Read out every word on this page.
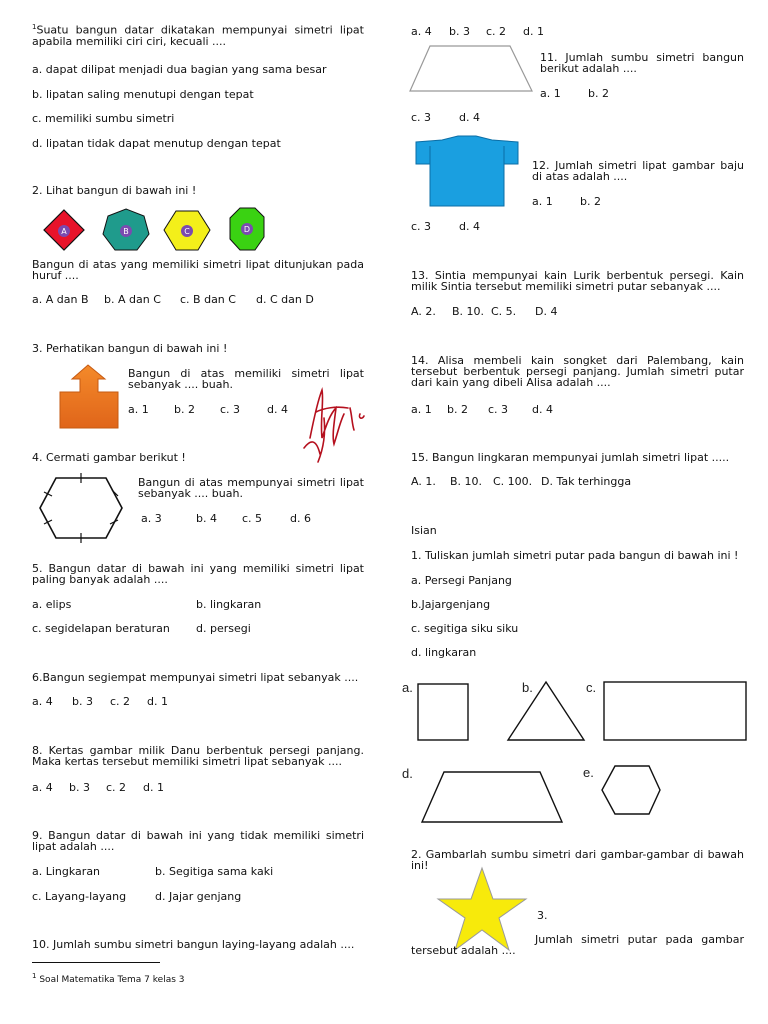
$^1$Suatu bangun datar dikatakan mempunyai simetri lipat apabila memiliki ciri ciri, kecuali ....
a. dapat dilipat menjadi dua bagian yang sama besar
b. lipatan saling menutupi dengan tepat
c. memiliki sumbu simetri
d. lipatan tidak dapat menutup dengan tepat
2. Lihat bangun di bawah ini !
A	B	C	D
Bangun di atas yang memiliki simetri lipat ditunjukan pada huruf ....
a. A dan B b. A dan C c. B dan C d. C dan D
3. Perhatikan bangun di bawah ini !
Bangun di atas memiliki simetri lipat sebanyak .... buah.
a. 1 b. 2 c. 3 d. 4
4. Cermati gambar berikut !
Bangun di atas mempunyai simetri lipat sebanyak .... buah.
a. 3	b. 4 c. 5	d. 6
5. Bangun datar di bawah ini yang memiliki simetri lipat paling banyak adalah ....
a. elips	b. lingkaran
c. segidelapan beraturan d. persegi
6.Bangun segiempat mempunyai simetri lipat sebanyak ....
a. 4 b. 3 c. 2 d. 1
8. Kertas gambar milik Danu berbentuk persegi panjang. Maka kertas tersebut memiliki simetri lipat sebanyak ....
a. 4 b. 3 c. 2 d. 1
9. Bangun datar di bawah ini yang tidak memiliki simetri lipat adalah ....
a. Lingkaran	b. Segitiga sama kaki
c. Layang-layang	d. Jajar genjang
10. Jumlah sumbu simetri bangun laying-layang adalah ....
$^1$ Soal Matematika Tema 7 kelas 3
a. 4 b. 3 c. 2 d. 1
11. Jumlah sumbu simetri bangun berikut adalah ....
a. 1 b. 2
c. 3	d. 4
12. Jumlah simetri lipat gambar baju di atas adalah ....
a. 1 b. 2
c. 3	d. 4
13. Sintia mempunyai kain Lurik berbentuk persegi. Kain milik Sintia tersebut memiliki simetri putar sebanyak ....
A. 2. B. 10. C. 5. D. 4
14. Alisa membeli kain songket dari Palembang, kain tersebut berbentuk persegi panjang. Jumlah simetri putar dari kain yang dibeli Alisa adalah ....
a. 1 b. 2 c. 3 d. 4
15. Bangun lingkaran mempunyai jumlah simetri lipat .....
A. 1. B. 10. C. 100. D. Tak terhingga
Isian
1. Tuliskan jumlah simetri putar pada bangun di bawah ini !
a. Persegi Panjang
b.Jajargenjang
c. segitiga siku siku
d. lingkaran
a.	b.	c.
d.	e.
2. Gambarlah sumbu simetri dari gambar-gambar di bawah ini!
3.
Jumlah simetri putar pada gambar tersebut adalah ....
